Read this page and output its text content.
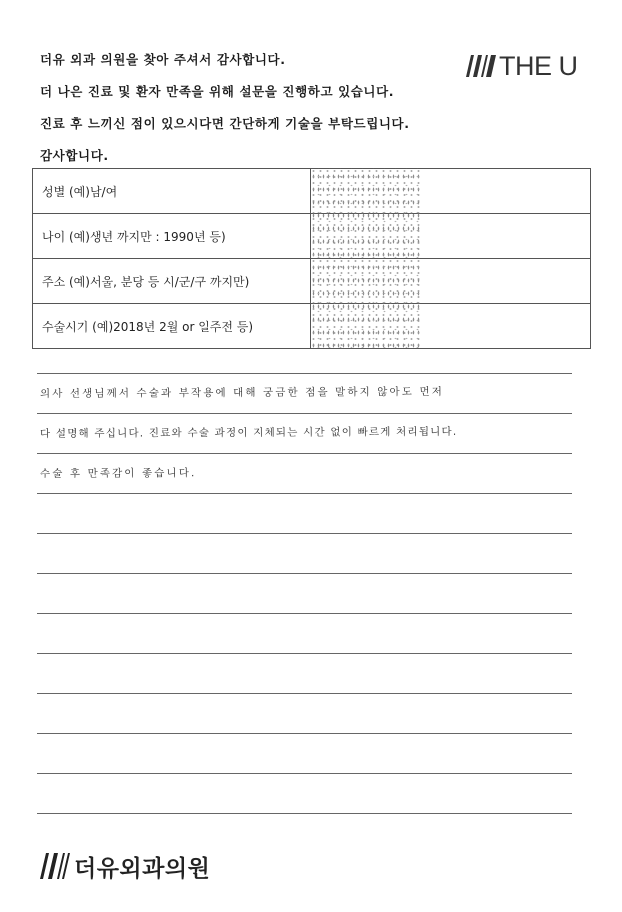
더유 외과 의원을 찾아 주셔서 감사합니다.

더 나은 진료 및 환자 만족을 위해 설문을 진행하고 있습니다.

진료 후 느끼신 점이 있으시다면 간단하게 기술을 부탁드립니다.

감사합니다.

THE U
성별 (예)남/여	
나이 (예)생년 까지만 : 1990년 등)	
주소 (예)서울, 분당 등 시/군/구 까지만)	
수술시기 (예)2018년 2월 or 일주전 등)	
의사 선생님께서 수술과 부작용에 대해 궁금한 점을 말하지 않아도 먼저
다 설명해 주십니다. 진료와 수술 과정이 지체되는 시간 없이 빠르게 처리됩니다.
수술 후 만족감이 좋습니다.
더유외과의원
